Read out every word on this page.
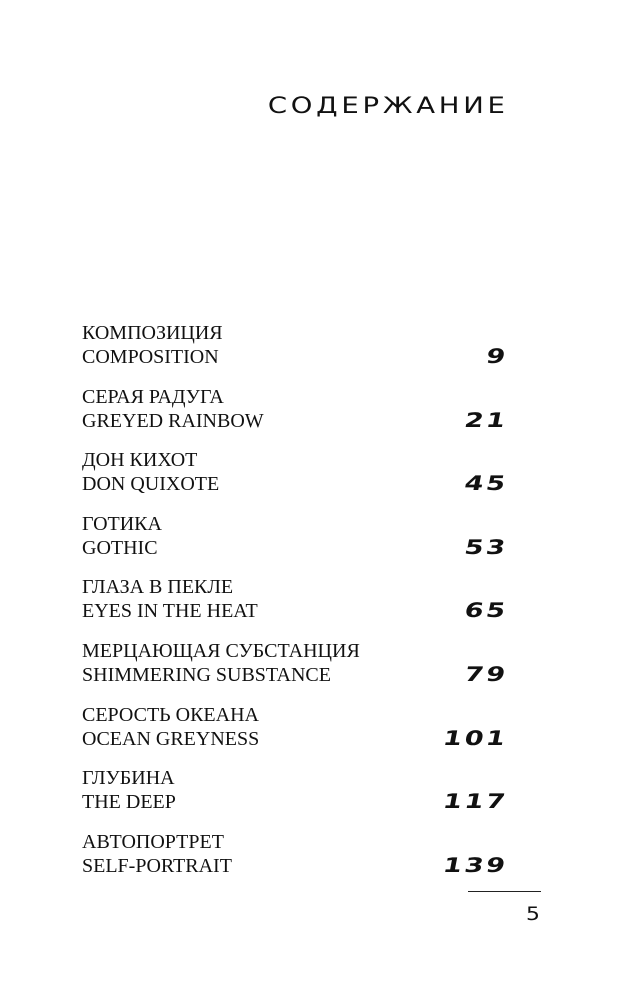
СОДЕРЖАНИЕ
КОМПОЗИЦИЯ
COMPOSITION	9
СЕРАЯ РАДУГА
GREYED RAINBOW	21
ДОН КИХОТ
DON QUIXOTE	45
ГОТИКА
GOTHIC	53
ГЛАЗА В ПЕКЛЕ
EYES IN THE HEAT	65
МЕРЦАЮЩАЯ СУБСТАНЦИЯ
SHIMMERING SUBSTANCE	79
СЕРОСТЬ ОКЕАНА
OCEAN GREYNESS	101
ГЛУБИНА
THE DEEP	117
АВТОПОРТРЕТ
SELF-PORTRAIT	139
5
